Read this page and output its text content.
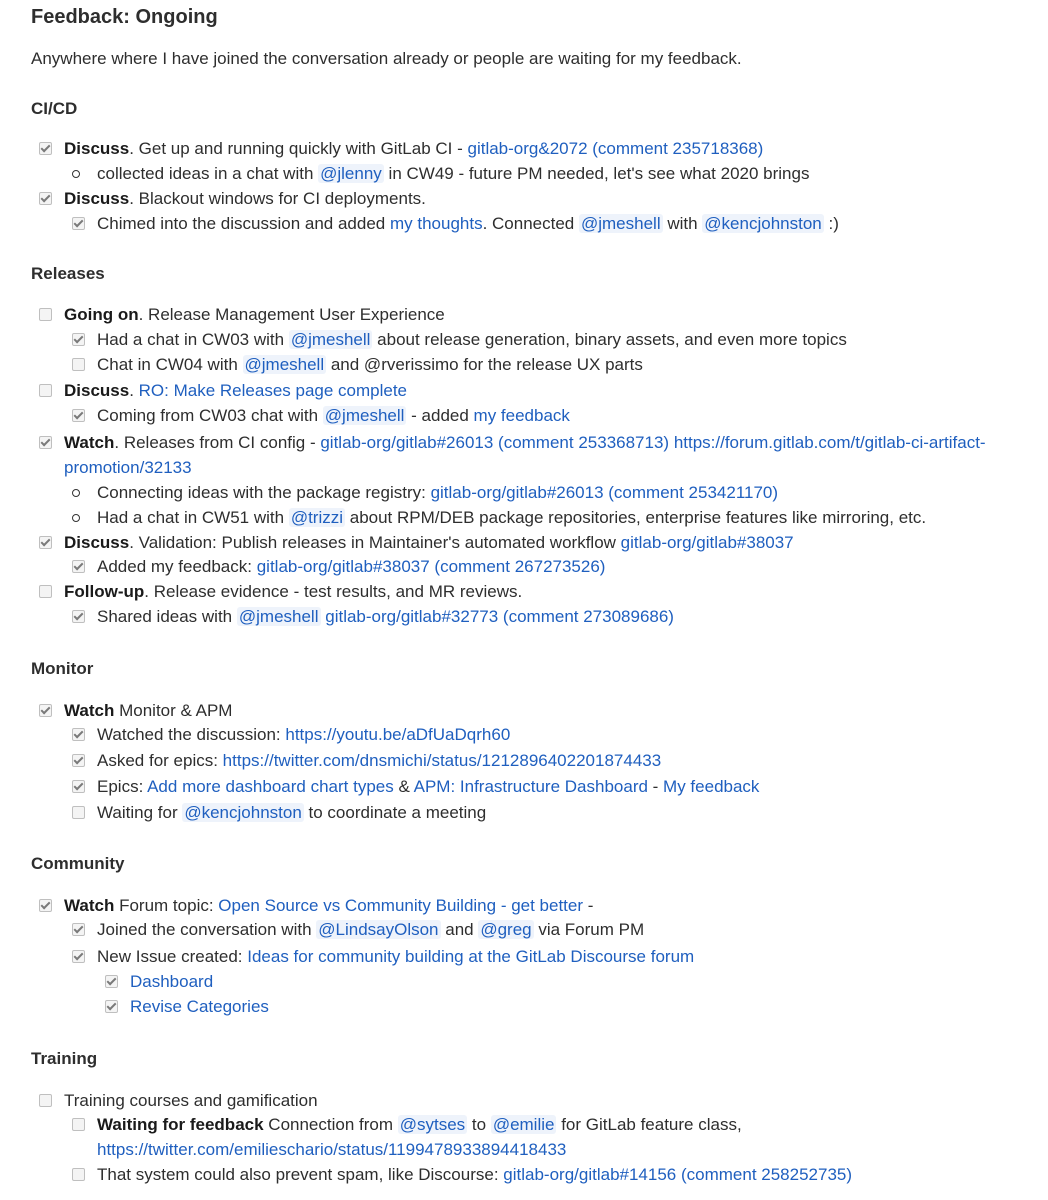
Feedback: Ongoing
Anywhere where I have joined the conversation already or people are waiting for my feedback.
CI/CD
Discuss. Get up and running quickly with GitLab CI - gitlab-org&2072 (comment 235718368)
collected ideas in a chat with @jlenny in CW49 - future PM needed, let's see what 2020 brings
Discuss. Blackout windows for CI deployments.
Chimed into the discussion and added my thoughts. Connected @jmeshell with @kencjohnston :)
Releases
Going on. Release Management User Experience
Had a chat in CW03 with @jmeshell about release generation, binary assets, and even more topics
Chat in CW04 with @jmeshell and @rverissimo for the release UX parts
Discuss. RO: Make Releases page complete
Coming from CW03 chat with @jmeshell - added my feedback
Watch. Releases from CI config - gitlab-org/gitlab#26013 (comment 253368713) https://forum.gitlab.com/t/gitlab-ci-artifact-
promotion/32133
Connecting ideas with the package registry: gitlab-org/gitlab#26013 (comment 253421170)
Had a chat in CW51 with @trizzi about RPM/DEB package repositories, enterprise features like mirroring, etc.
Discuss. Validation: Publish releases in Maintainer's automated workflow gitlab-org/gitlab#38037
Added my feedback: gitlab-org/gitlab#38037 (comment 267273526)
Follow-up. Release evidence - test results, and MR reviews.
Shared ideas with @jmeshell gitlab-org/gitlab#32773 (comment 273089686)
Monitor
Watch Monitor & APM
Watched the discussion: https://youtu.be/aDfUaDqrh60
Asked for epics: https://twitter.com/dnsmichi/status/1212896402201874433
Epics: Add more dashboard chart types & APM: Infrastructure Dashboard - My feedback
Waiting for @kencjohnston to coordinate a meeting
Community
Watch Forum topic: Open Source vs Community Building - get better -
Joined the conversation with @LindsayOlson and @greg via Forum PM
New Issue created: Ideas for community building at the GitLab Discourse forum
Dashboard
Revise Categories
Training
Training courses and gamification
Waiting for feedback Connection from @sytses to @emilie for GitLab feature class,
https://twitter.com/emilieschario/status/1199478933894418433
That system could also prevent spam, like Discourse: gitlab-org/gitlab#14156 (comment 258252735)
